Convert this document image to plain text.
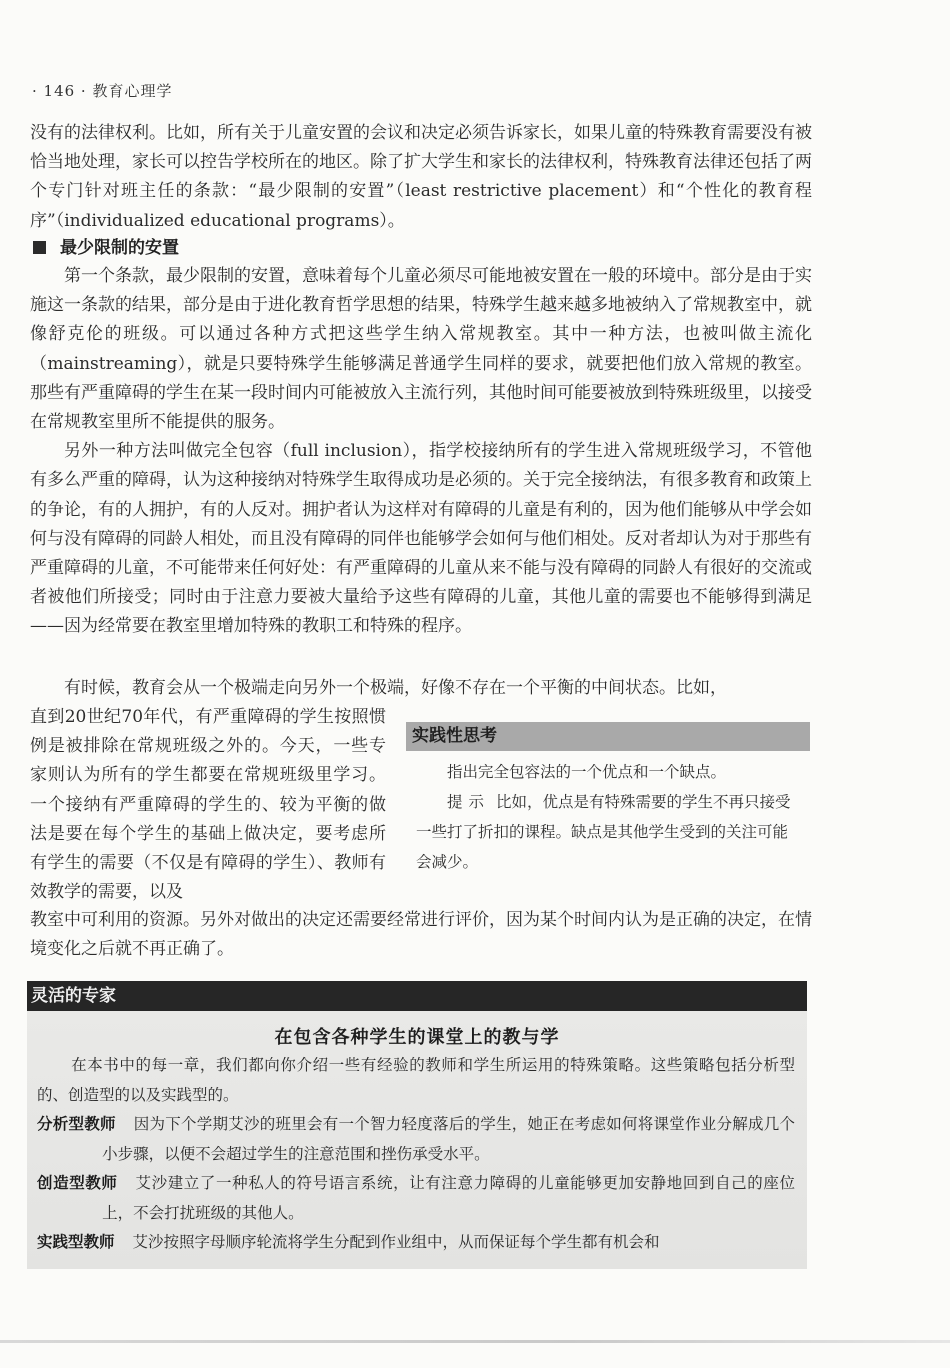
· 146 · 教育心理学

没有的法律权利。比如，所有关于儿童安置的会议和决定必须告诉家长，如果儿童的特殊教育需要没有被恰当地处理，家长可以控告学校所在的地区。除了扩大学生和家长的法律权利，特殊教育法律还包括了两个专门针对班主任的条款：“最少限制的安置”（least restrictive placement）和“个性化的教育程序”（individualized educational programs）。

最少限制的安置

第一个条款，最少限制的安置，意味着每个儿童必须尽可能地被安置在一般的环境中。部分是由于实施这一条款的结果，部分是由于进化教育哲学思想的结果，特殊学生越来越多地被纳入了常规教室中，就像舒克伦的班级。可以通过各种方式把这些学生纳入常规教室。其中一种方法，也被叫做主流化（mainstreaming），就是只要特殊学生能够满足普通学生同样的要求，就要把他们放入常规的教室。那些有严重障碍的学生在某一段时间内可能被放入主流行列，其他时间可能要被放到特殊班级里，以接受在常规教室里所不能提供的服务。

另外一种方法叫做完全包容（full inclusion），指学校接纳所有的学生进入常规班级学习，不管他有多么严重的障碍，认为这种接纳对特殊学生取得成功是必须的。关于完全接纳法，有很多教育和政策上的争论，有的人拥护，有的人反对。拥护者认为这样对有障碍的儿童是有利的，因为他们能够从中学会如何与没有障碍的同龄人相处，而且没有障碍的同伴也能够学会如何与他们相处。反对者却认为对于那些有严重障碍的儿童，不可能带来任何好处：有严重障碍的儿童从来不能与没有障碍的同龄人有很好的交流或者被他们所接受；同时由于注意力要被大量给予这些有障碍的儿童，其他儿童的需要也不能够得到满足——因为经常要在教室里增加特殊的教职工和特殊的程序。

有时候，教育会从一个极端走向另外一个极端，好像不存在一个平衡的中间状态。比如，

直到20世纪70年代，有严重障碍的学生按照惯例是被排除在常规班级之外的。今天，一些专家则认为所有的学生都要在常规班级里学习。一个接纳有严重障碍的学生的、较为平衡的做法是要在每个学生的基础上做决定，要考虑所有学生的需要（不仅是有障碍的学生）、教师有效教学的需要，以及
实践性思考
指出完全包容法的一个优点和一个缺点。
提示 比如，优点是有特殊需要的学生不再只接受一些打了折扣的课程。缺点是其他学生受到的关注可能会减少。

教室中可利用的资源。另外对做出的决定还需要经常进行评价，因为某个时间内认为是正确的决定，在情境变化之后就不再正确了。

灵活的专家
在包含各种学生的课堂上的教与学

在本书中的每一章，我们都向你介绍一些有经验的教师和学生所运用的特殊策略。这些策略包括分析型的、创造型的以及实践型的。

分析型教师 因为下个学期艾沙的班里会有一个智力轻度落后的学生，她正在考虑如何将课堂作业分解成几个小步骤，以便不会超过学生的注意范围和挫伤承受水平。

创造型教师 艾沙建立了一种私人的符号语言系统，让有注意力障碍的儿童能够更加安静地回到自己的座位上，不会打扰班级的其他人。

实践型教师 艾沙按照字母顺序轮流将学生分配到作业组中，从而保证每个学生都有机会和
